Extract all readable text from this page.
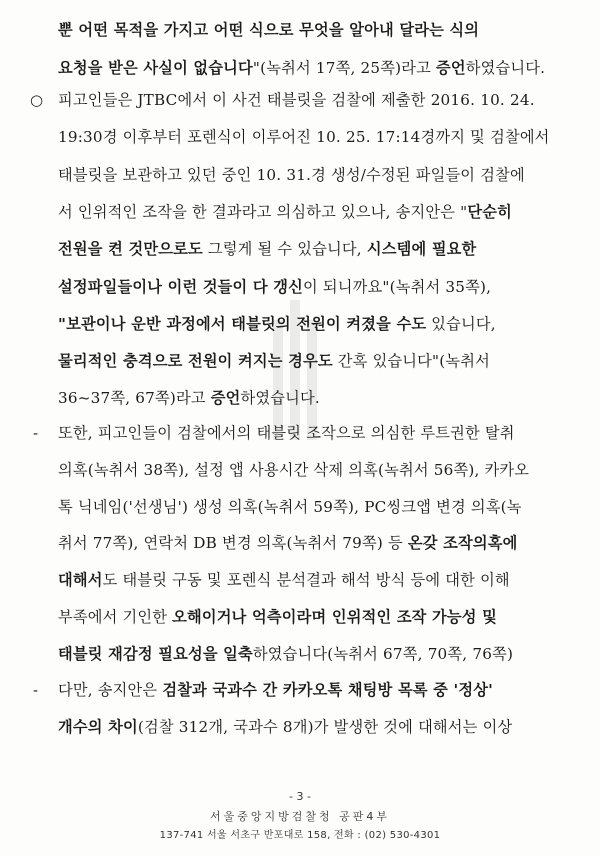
뿐 어떤 목적을 가지고 어떤 식으로 무엇을 알아내 달라는 식의
요청을 받은 사실이 없습니다"(녹취서 17쪽, 25쪽)라고 증언하였습니다.
○ 피고인들은 JTBC에서 이 사건 태블릿을 검찰에 제출한 2016. 10. 24.
19:30경 이후부터 포렌식이 이루어진 10. 25. 17:14경까지 및 검찰에서
태블릿을 보관하고 있던 중인 10. 31.경 생성/수정된 파일들이 검찰에
서 인위적인 조작을 한 결과라고 의심하고 있으나, 송지안은 "단순히
전원을 켠 것만으로도 그렇게 될 수 있습니다, 시스템에 필요한
설정파일들이나 이런 것들이 다 갱신이 되니까요"(녹취서 35쪽),
"보관이나 운반 과정에서 태블릿의 전원이 켜졌을 수도 있습니다,
물리적인 충격으로 전원이 켜지는 경우도 간혹 있습니다"(녹취서
36~37쪽, 67쪽)라고 증언하였습니다.
- 또한, 피고인들이 검찰에서의 태블릿 조작으로 의심한 루트권한 탈취
의혹(녹취서 38쪽), 설정 앱 사용시간 삭제 의혹(녹취서 56쪽), 카카오
톡 닉네임('선생님') 생성 의혹(녹취서 59쪽), PC씽크앱 변경 의혹(녹
취서 77쪽), 연락처 DB 변경 의혹(녹취서 79쪽) 등 온갖 조작의혹에
대해서도 태블릿 구동 및 포렌식 분석결과 해석 방식 등에 대한 이해
부족에서 기인한 오해이거나 억측이라며 인위적인 조작 가능성 및
태블릿 재감정 필요성을 일축하였습니다(녹취서 67쪽, 70쪽, 76쪽)
- 다만, 송지안은 검찰과 국과수 간 카카오톡 채팅방 목록 중 '정상'
개수의 차이(검찰 312개, 국과수 8개)가 발생한 것에 대해서는 이상
- 3 -
서울중앙지방검찰청 공판4부
137-741 서울 서초구 반포대로 158, 전화 : (02) 530-4301
